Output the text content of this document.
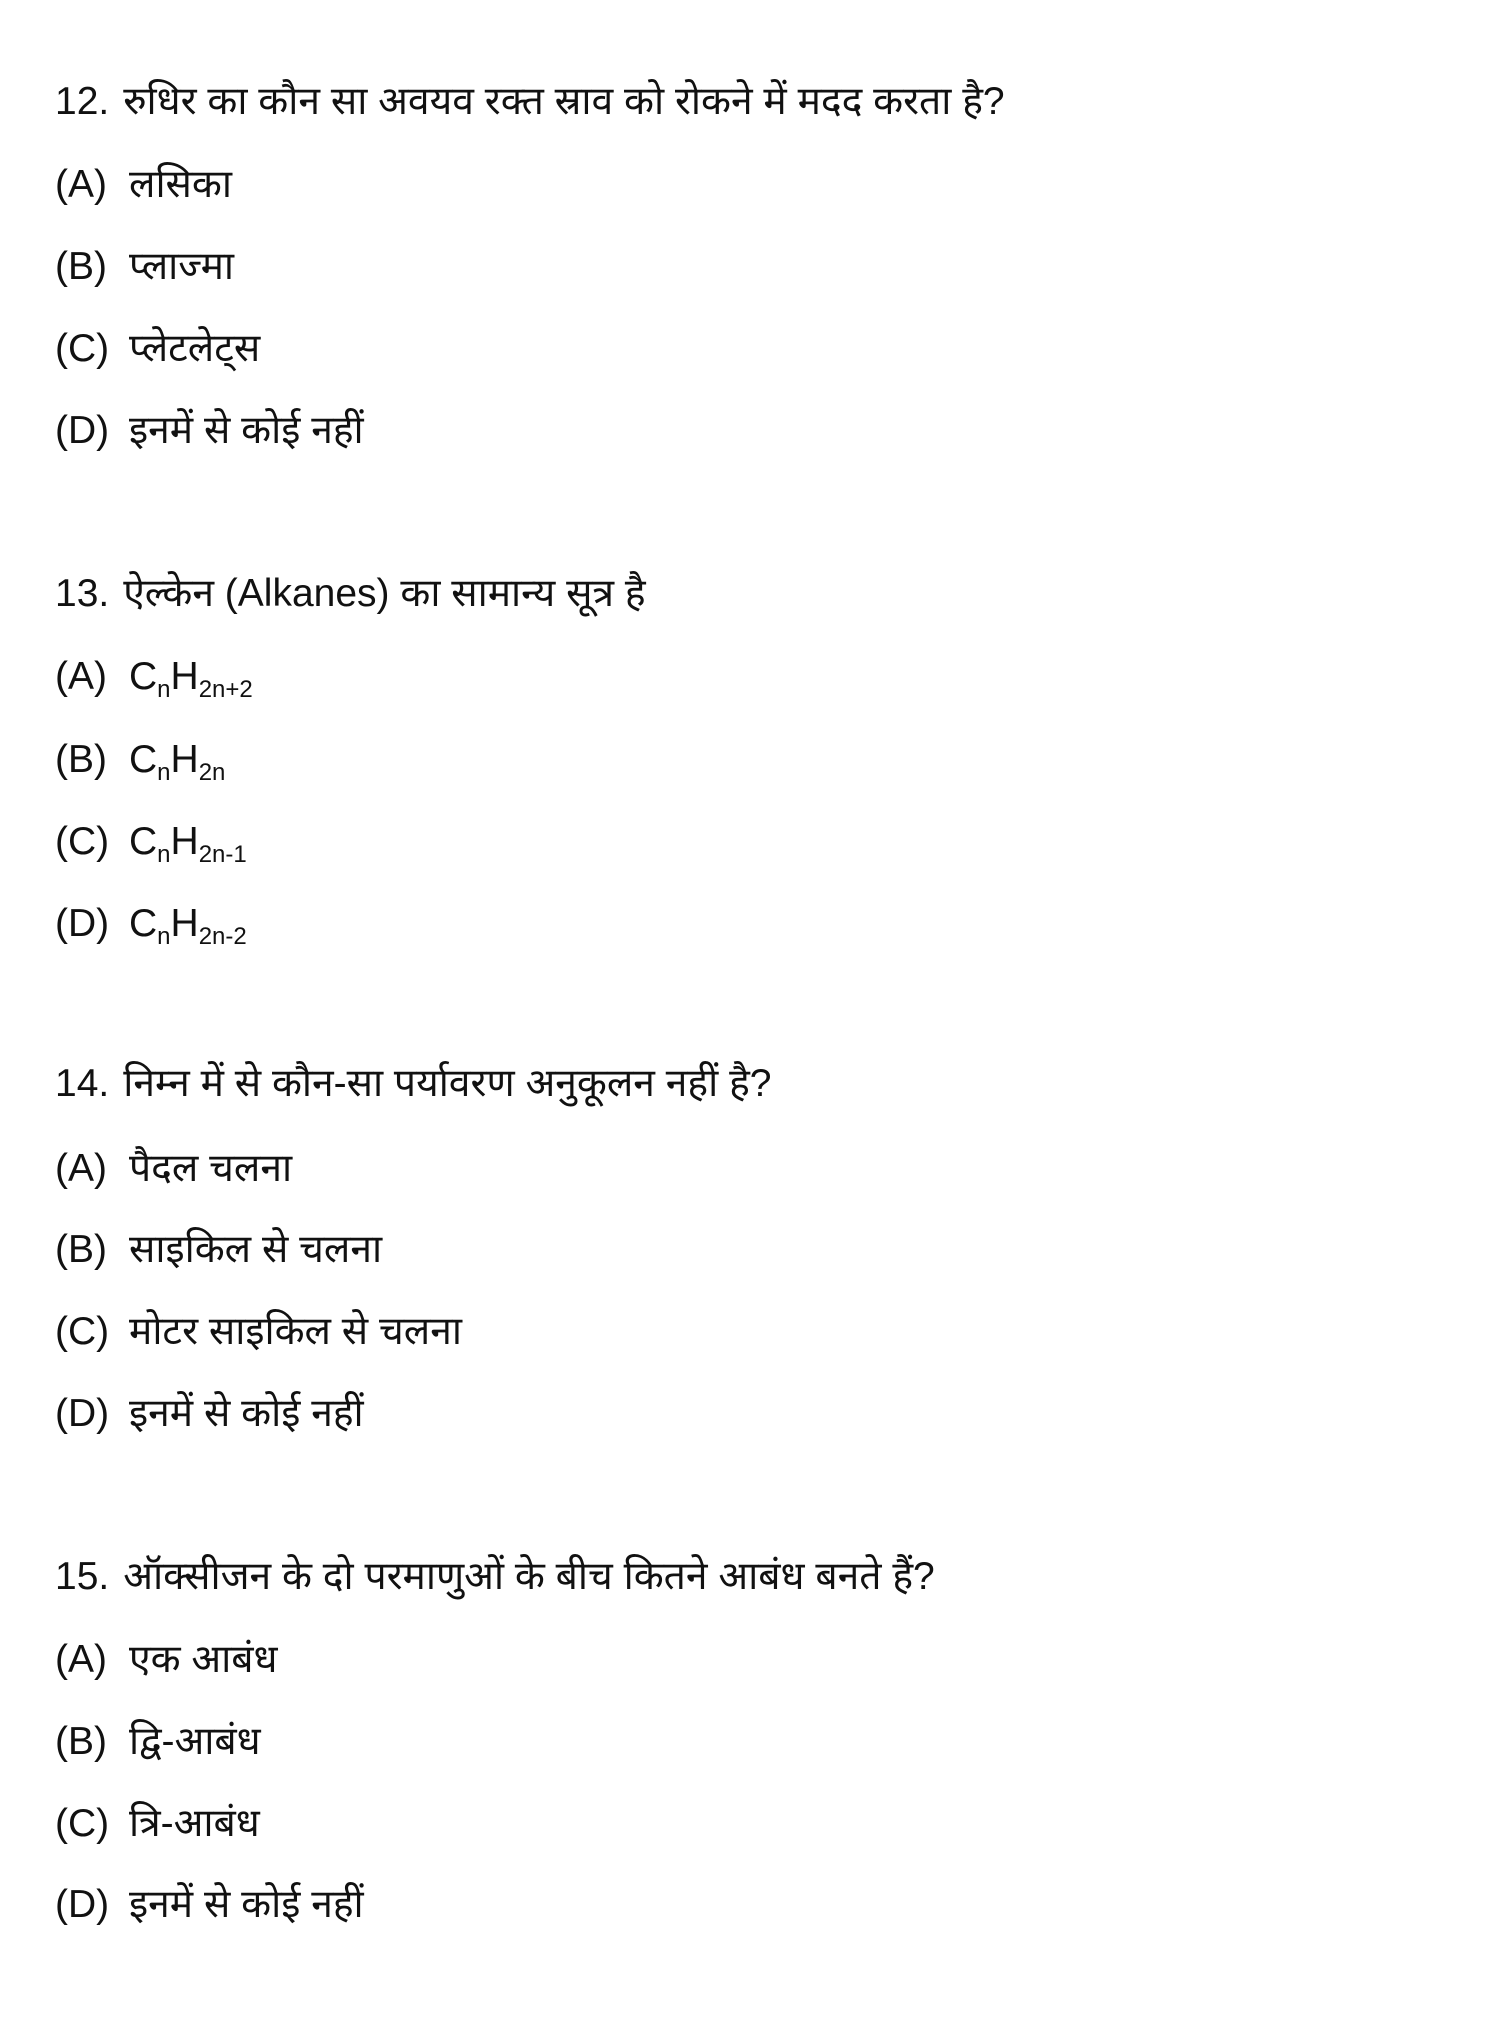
12. रुधिर का कौन सा अवयव रक्त स्राव को रोकने में मदद करता है?
(A) लसिका
(B) प्लाज्मा
(C) प्लेटलेट्स
(D) इनमें से कोई नहीं
13. ऐल्केन (Alkanes) का सामान्य सूत्र है
(A) $C_nH_{2n+2}$
(B) $C_nH_{2n}$
(C) $C_nH_{2n-1}$
(D) $C_nH_{2n-2}$
14. निम्न में से कौन-सा पर्यावरण अनुकूलन नहीं है?
(A) पैदल चलना
(B) साइकिल से चलना
(C) मोटर साइकिल से चलना
(D) इनमें से कोई नहीं
15. ऑक्सीजन के दो परमाणुओं के बीच कितने आबंध बनते हैं?
(A) एक आबंध
(B) द्वि-आबंध
(C) त्रि-आबंध
(D) इनमें से कोई नहीं
